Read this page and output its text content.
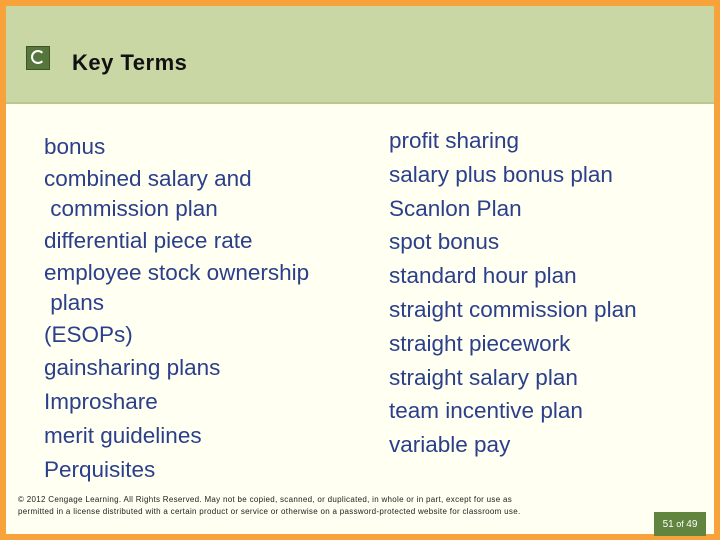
Key Terms
bonus
combined salary and
commission plan
differential piece rate
employee stock ownership
plans
(ESOPs)
gainsharing plans
Improshare
merit guidelines
Perquisites
profit sharing
salary plus bonus plan
Scanlon Plan
spot bonus
standard hour plan
straight commission plan
straight piecework
straight salary plan
team incentive plan
variable pay
© 2012 Cengage Learning. All Rights Reserved. May not be copied, scanned, or duplicated, in whole or in part, except for use as
permitted in a license distributed with a certain product or service or otherwise on a password-protected website for classroom use.
51 of 49
